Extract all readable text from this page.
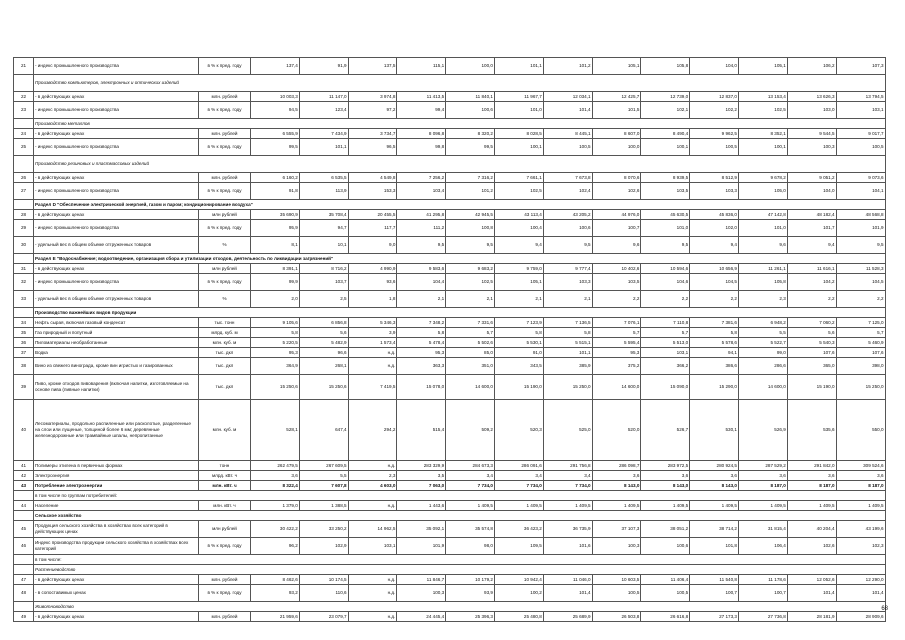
21	- индекс промышленного производства	в % к пред. году	137,4	91,9	137,5	115,1	100,0	101,1	101,2	105,1	105,8	104,0	105,1	106,2	107,3
	Производство компьютеров, электронных и оптических изделий														
22	- в действующих ценах	млн. рублей	10 003,3	11 147,0	3 974,8	11 413,5	11 840,1	11 967,7	12 034,1	12 425,7	12 739,0	12 837,0	13 153,4	13 626,3	13 794,5
23	- индекс промышленного производства	в % к пред. году	94,5	123,4	97,2	99,4	100,6	101,0	101,4	101,5	102,1	102,2	102,5	103,0	103,1
	Производство металлов														
24	- в действующих ценах	млн. рублей	6 555,9	7 434,9	3 734,7	8 096,8	8 320,2	8 028,5	8 445,1	8 607,0	8 490,4	9 962,5	8 352,1	9 544,5	9 017,7
25	- индекс промышленного производства	в % к пред. году	99,5	101,1	96,5	99,8	99,5	100,1	100,5	100,0	100,1	100,5	100,1	100,3	100,5
	Производство резиновых и пластмассовых изделий														
26	- в действующих ценах	млн. рублей	6 160,2	6 535,5	4 549,8	7 256,2	7 316,2	7 661,1	7 673,8	8 070,6	8 939,5	8 512,9	9 678,2	9 051,2	9 073,6
27	- индекс промышленного производства	в % к пред. году	91,8	113,9	153,3	103,4	101,2	102,5	102,4	102,6	103,5	103,3	105,0	104,0	104,1
	Раздел D "Обеспечение электрической энергией, газом и паром; кондиционирование воздуха"														
28	- в действующих ценах	млн рублей	35 690,9	35 708,4	20 455,5	41 295,8	42 945,5	43 113,4	43 205,2	44 976,0	45 630,5	45 836,0	47 142,8	48 182,4	48 568,8
29	- индекс промышленного производства	в % к пред. году	95,9	94,7	117,7	111,2	100,8	100,4	100,6	100,7	101,0	102,0	101,0	101,7	101,9
30	- удельный вес в общем объеме отгруженных товаров	%	8,1	10,1	9,0	9,5	9,5	9,4	9,5	9,6	9,5	9,4	9,6	9,4	9,5
	Раздел Е "Водоснабжение; водоотведение, организация сбора и утилизации отходов, деятельность по ликвидации загрязнений"														
31	- в действующих ценах	млн рублей	8 391,1	8 716,2	4 990,9	9 583,6	9 683,2	9 759,0	9 777,4	10 402,6	10 594,6	10 656,9	11 261,1	11 616,1	11 528,3
32	- индекс промышленного производства	в % к пред. году	99,9	103,7	93,6	104,4	102,5	105,1	103,3	103,5	104,6	104,5	105,8	104,2	104,5
33	- удельный вес в общем объеме отгруженных товаров	%	2,0	2,5	1,8	2,1	2,1	2,1	2,1	2,2	2,2	2,2	2,3	2,2	2,2
	Производство важнейших видов продукции														
34	Нефть сырая, включая газовый конденсат	тыс. тонн	9 105,6	6 856,8	5 346,3	7 348,2	7 331,6	7 123,9	7 136,5	7 076,1	7 110,8	7 381,6	6 948,2	7 060,2	7 125,0
35	Газ природный и попутный	млрд. куб. м	5,8	5,6	3,9	5,8	5,7	5,8	5,8	5,7	5,7	5,8	5,5	5,6	5,7
36	Пиломатериалы необработанные	млн. куб. м	5 220,5	5 482,9	1 573,4	5 478,4	5 502,6	5 530,1	5 515,1	5 595,4	5 513,0	5 578,6	5 522,7	5 540,3	5 460,9
37	Водка	тыс. дкл	95,3	96,6	н.д.	95,3	85,0	91,0	101,1	95,3	103,1	94,1	99,0	107,6	107,6
38	Вино из свежего винограда, кроме вин игристых и газированных	тыс. дкл	364,9	268,1	н.д.	363,3	351,0	343,5	385,9	375,2	366,2	386,6	286,6	365,0	398,0
39	Пиво, кроме отходов пивоварения (включая напитки, изготовляемые на основе пива (пивные напитки)	тыс. дкл	15 250,6	15 250,6	7 419,5	15 078,0	14 600,0	15 190,0	15 250,0	14 600,0	15 090,0	15 290,0	14 600,0	15 190,0	15 250,0
40	Лесоматериалы, продольно распиленные или расколотые, разделенные на слои или лущеные, толщиной более 6 мм; деревянные железнодорожные или трамвайные шпалы, непропитанные	млн. куб. м	528,1	647,4	294,2	515,4	509,2	520,3	525,0	520,0	526,7	530,1	526,9	535,6	550,0
41	Полимеры этилена в первичных формах	тонн	262 479,5	267 609,5	н.д.	283 329,9	284 673,3	286 091,6	291 756,8	286 098,7	283 972,5	280 924,5	287 529,2	291 842,0	309 524,6
42	Электроэнергия	млрд. кВт. ч	3,6	5,5	2,3	3,5	3,4	3,4	3,4	3,6	3,6	3,6	3,6	3,6	3,6
43	Потребление электроэнергии	млн. кВт. ч	8 322,4	7 607,8	4 603,0	7 063,0	7 734,0	7 734,0	7 734,0	8 143,0	8 143,0	8 143,0	8 187,0	8 187,0	8 187,0
	в том числе по группам потребителей:														
44	Население	млн. кВт. ч	1 379,0	1 388,5	н.д.	1 443,6	1 409,5	1 409,5	1 409,5	1 409,5	1 409,5	1 409,5	1 409,5	1 409,5	1 409,5
	Сельское хозяйство														
45	Продукция сельского хозяйства в хозяйствах всех категорий в действующих ценах	млн рублей	30 422,2	33 250,2	14 962,5	35 092,1	35 574,8	36 423,2	36 735,9	37 107,3	38 051,2	38 714,2	31 815,4	40 204,4	43 199,6
46	Индекс производства продукции сельского хозяйства в хозяйствах всех категорий	в % к пред. году	96,2	102,9	103,1	101,9	98,0	109,5	101,6	100,3	100,6	101,8	106,4	102,6	102,3
	в том числе:														
	Растениеводство														
47	- в действующих ценах	млн. рублей	8 462,6	10 174,5	н.д.	11 846,7	10 179,2	10 942,4	11 046,0	10 603,5	11 406,4	11 540,8	11 178,6	12 052,6	12 290,0
48	- в сопоставимых ценах	в % к пред. году	93,2	110,6	н.д.	100,3	93,9	100,2	101,4	100,5	100,5	100,7	100,7	101,4	101,4
	Животноводство														
49	- в действующих ценах	млн. рублей	21 959,6	23 079,7	н.д.	24 445,4	25 396,3	25 480,8	25 689,9	26 503,8	26 616,8	27 173,3	27 736,8	28 181,9	28 909,6
68
